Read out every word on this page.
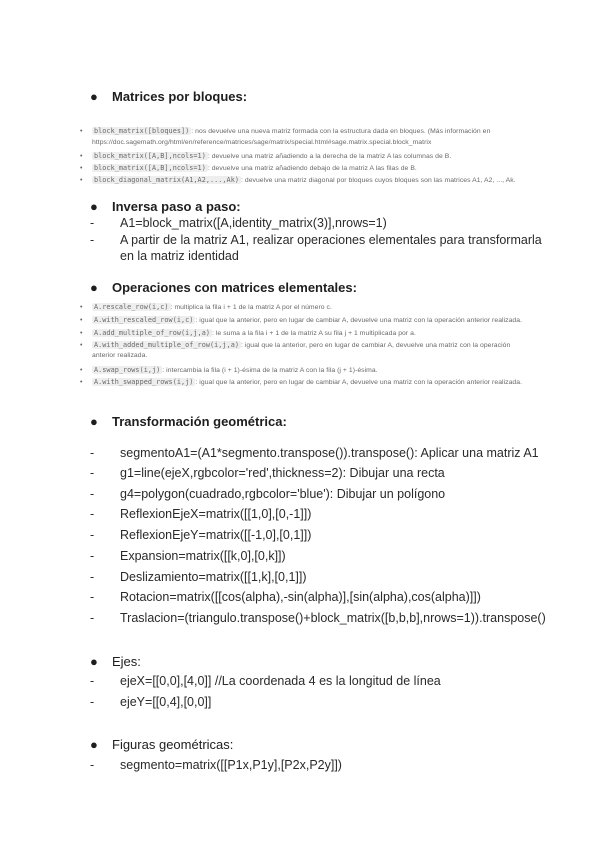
● Matrices por bloques:
• block_matrix([bloques]) : nos devuelve una nueva matriz formada con la estructura dada en bloques. (Más información en
https://doc.sagemath.org/html/en/reference/matrices/sage/matrix/special.html#sage.matrix.special.block_matrix
• block_matrix([A,B],ncols=1) : devuelve una matriz añadiendo a la derecha de la matriz A las columnas de B.
• block_matrix([A,B],ncols=1) : devuelve una matriz añadiendo debajo de la matriz A las filas de B.
• block_diagonal_matrix(A1,A2,...,Ak) : devuelve una matriz diagonal por bloques cuyos bloques son las matrices A1, A2, ..., Ak.
● Inversa paso a paso:
- A1=block_matrix([A,identity_matrix(3)],nrows=1)
- A partir de la matriz A1, realizar operaciones elementales para transformarla
en la matriz identidad
● Operaciones con matrices elementales:
• A.rescale_row(i,c) : multiplica la fila i + 1 de la matriz A por el número c.
• A.with_rescaled_row(i,c) : igual que la anterior, pero en lugar de cambiar A, devuelve una matriz con la operación anterior realizada.
• A.add_multiple_of_row(i,j,a) : le suma a la fila i + 1 de la matriz A su fila j + 1 multiplicada por a.
• A.with_added_multiple_of_row(i,j,a) : igual que la anterior, pero en lugar de cambiar A, devuelve una matriz con la operación
anterior realizada.
• A.swap_rows(i,j) : intercambia la fila (i + 1)-ésima de la matriz A con la fila (j + 1)-ésima.
• A.with_swapped_rows(i,j) : igual que la anterior, pero en lugar de cambiar A, devuelve una matriz con la operación anterior realizada.
● Transformación geométrica:
- segmentoA1=(A1*segmento.transpose()).transpose(): Aplicar una matriz A1
- g1=line(ejeX,rgbcolor='red',thickness=2): Dibujar una recta
- g4=polygon(cuadrado,rgbcolor='blue'): Dibujar un polígono
- ReflexionEjeX=matrix([[1,0],[0,-1]])
- ReflexionEjeY=matrix([[-1,0],[0,1]])
- Expansion=matrix([[k,0],[0,k]])
- Deslizamiento=matrix([[1,k],[0,1]])
- Rotacion=matrix([[cos(alpha),-sin(alpha)],[sin(alpha),cos(alpha)]])
- Traslacion=(triangulo.transpose()+block_matrix([b,b,b],nrows=1)).transpose()
● Ejes:
- ejeX=[[0,0],[4,0]] //La coordenada 4 es la longitud de línea
- ejeY=[[0,4],[0,0]]
● Figuras geométricas:
- segmento=matrix([[P1x,P1y],[P2x,P2y]])
